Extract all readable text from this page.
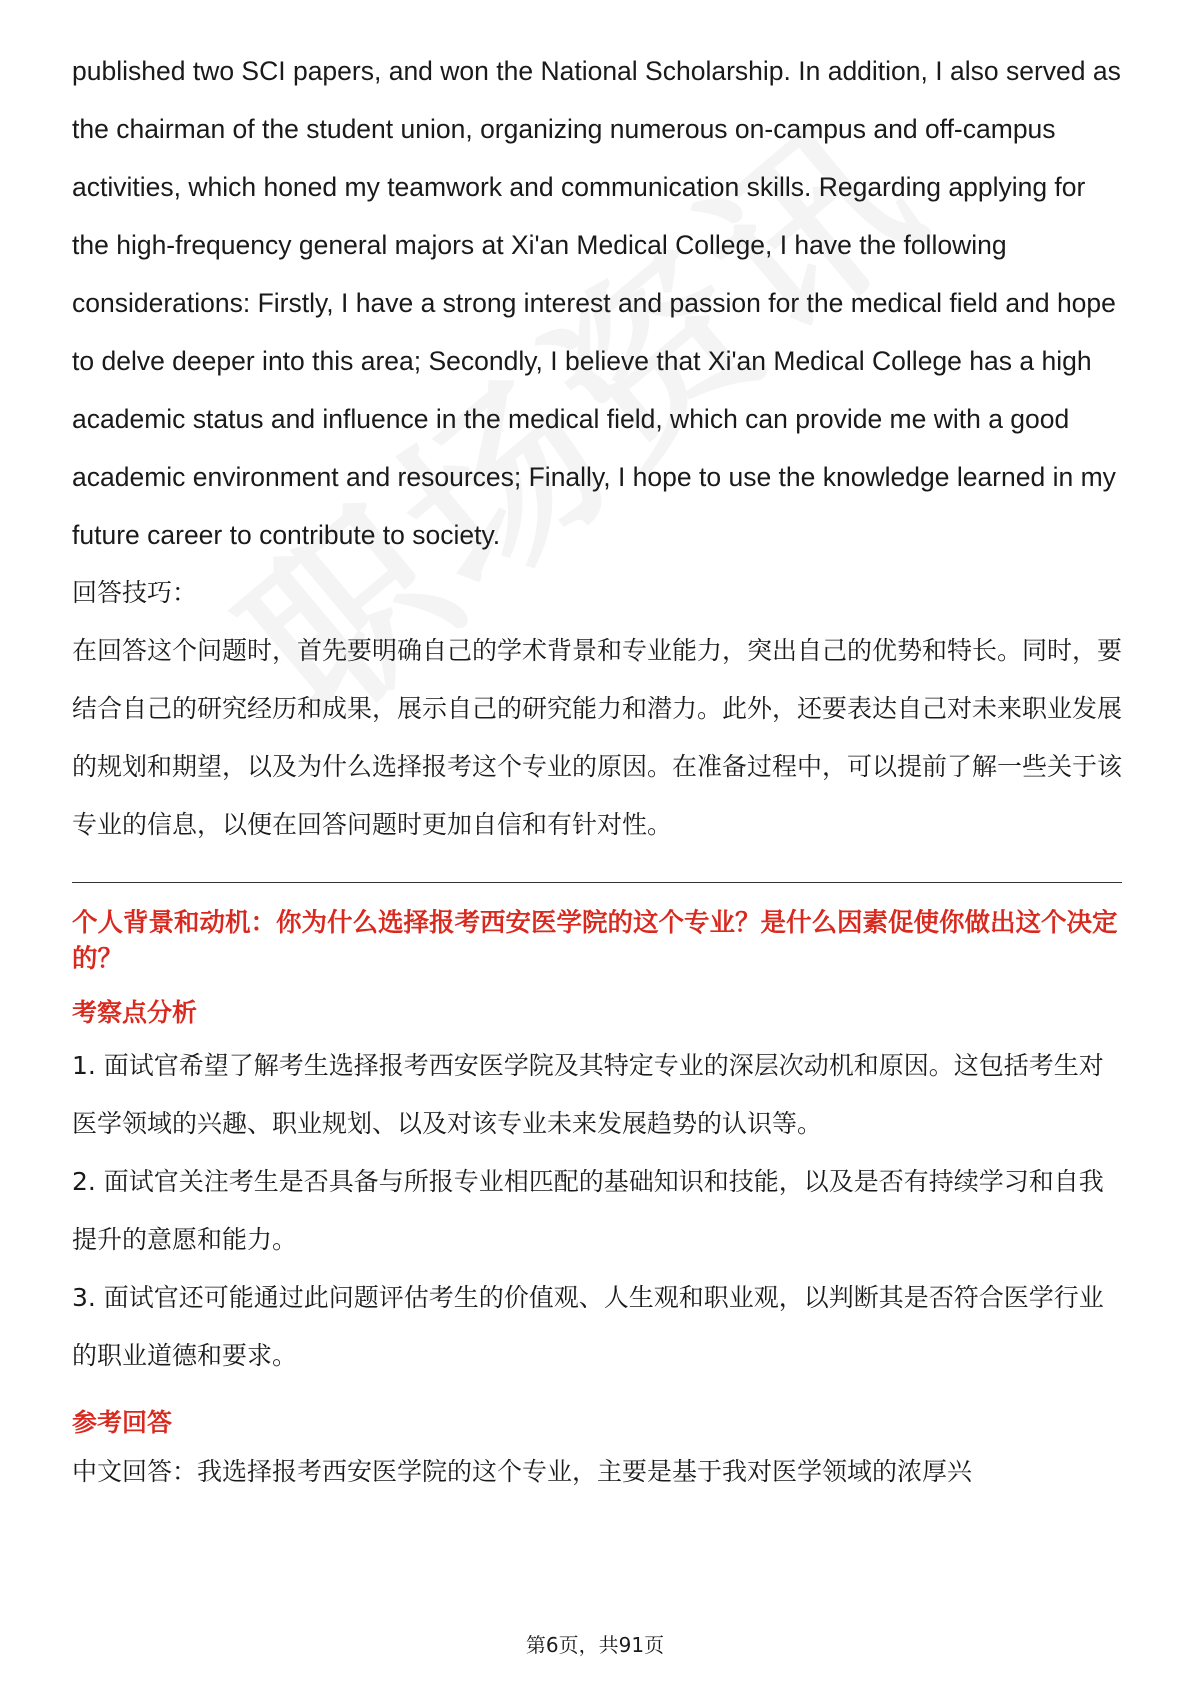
published two SCI papers, and won the National Scholarship. In addition, I also served as the chairman of the student union, organizing numerous on-campus and off-campus activities, which honed my teamwork and communication skills. Regarding applying for the high-frequency general majors at Xi'an Medical College, I have the following considerations: Firstly, I have a strong interest and passion for the medical field and hope to delve deeper into this area; Secondly, I believe that Xi'an Medical College has a high academic status and influence in the medical field, which can provide me with a good academic environment and resources; Finally, I hope to use the knowledge learned in my future career to contribute to society.

回答技巧：

在回答这个问题时，首先要明确自己的学术背景和专业能力，突出自己的优势和特长。同时，要结合自己的研究经历和成果，展示自己的研究能力和潜力。此外，还要表达自己对未来职业发展的规划和期望，以及为什么选择报考这个专业的原因。在准备过程中，可以提前了解一些关于该专业的信息，以便在回答问题时更加自信和有针对性。

个人背景和动机：你为什么选择报考西安医学院的这个专业？是什么因素促使你做出这个决定的？

考察点分析

1. 面试官希望了解考生选择报考西安医学院及其特定专业的深层次动机和原因。这包括考生对医学领域的兴趣、职业规划、以及对该专业未来发展趋势的认识等。

2. 面试官关注考生是否具备与所报专业相匹配的基础知识和技能，以及是否有持续学习和自我提升的意愿和能力。

3. 面试官还可能通过此问题评估考生的价值观、人生观和职业观，以判断其是否符合医学行业的职业道德和要求。

参考回答

中文回答：我选择报考西安医学院的这个专业，主要是基于我对医学领域的浓厚兴

第6页，共91页
